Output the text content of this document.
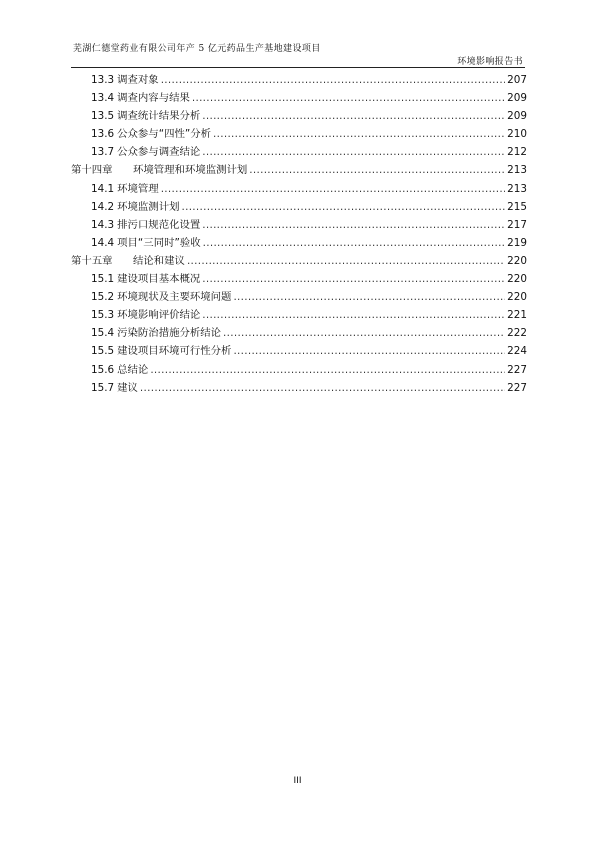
芜湖仁德堂药业有限公司年产 5 亿元药品生产基地建设项目
环境影响报告书
13.3 调查对象 .....	207
13.4 调查内容与结果 .....	209
13.5 调查统计结果分析 .....	209
13.6 公众参与“四性”分析 .....	210
13.7 公众参与调查结论 .....	212
第十四章	环境管理和环境监测计划 .....	213
14.1 环境管理 .....	213
14.2 环境监测计划 .....	215
14.3 排污口规范化设置 .....	217
14.4 项目“三同时”验收 .....	219
第十五章	结论和建议 .....	220
15.1 建设项目基本概况 .....	220
15.2 环境现状及主要环境问题 .....	220
15.3 环境影响评价结论 .....	221
15.4 污染防治措施分析结论 .....	222
15.5 建设项目环境可行性分析 .....	224
15.6 总结论 .....	227
15.7 建议 .....	227
III
